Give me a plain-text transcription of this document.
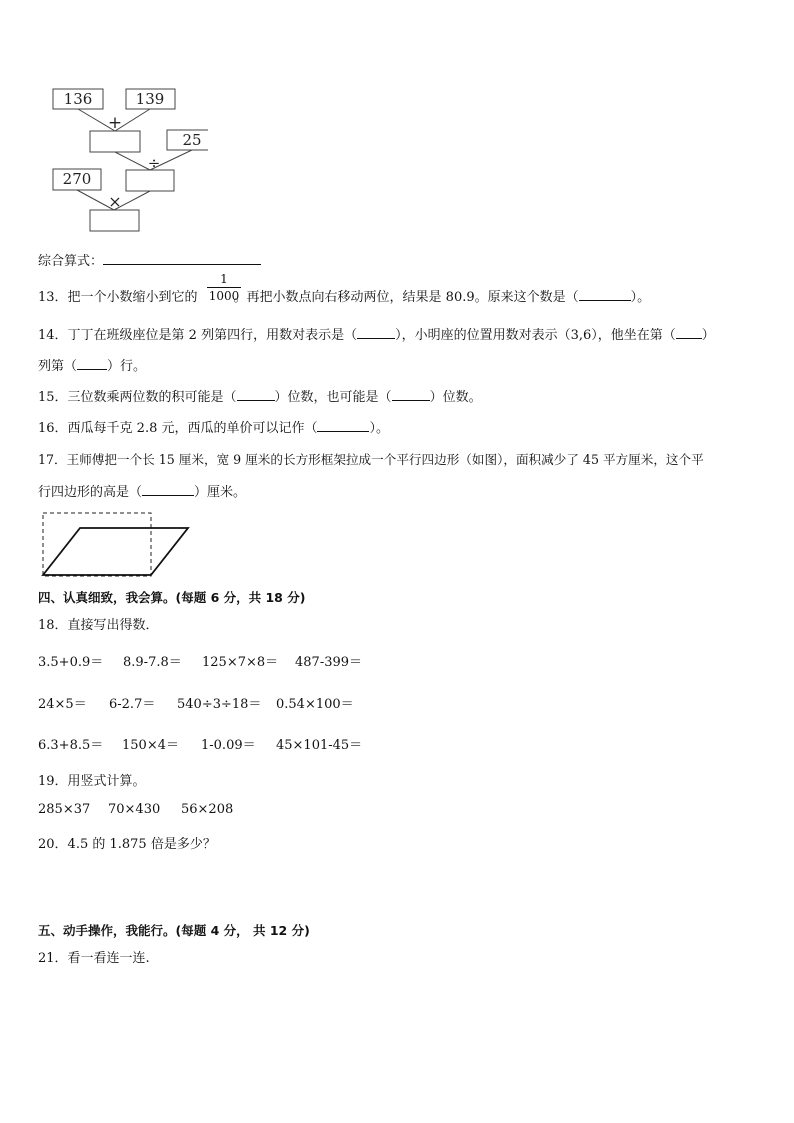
136	139
25
270
+
÷
×
综合算式：
13．把一个小数缩小到它的	。再把小数点向右移动两位，结果是 80.9。原来这个数是（	）。
1
1000
14．丁丁在班级座位是第 2 列第四行，用数对表示是（	），小明座的位置用数对表示（3,6），他坐在第（ ）
列第（ ）行。
15．三位数乘两位数的积可能是（	）位数，也可能是（	）位数。
16．西瓜每千克 2.8 元，西瓜的单价可以记作（	）。
17．王师傅把一个长 15 厘米，宽 9 厘米的长方形框架拉成一个平行四边形（如图），面积减少了 45 平方厘米，这个平
行四边形的高是（	）厘米。
四、认真细致，我会算。(每题 6 分，共 18 分)
18．直接写出得数．
3.5+0.9＝ 8.9-7.8＝ 125×7×8＝ 487-399＝
24×5＝ 6-2.7＝ 540÷3÷18＝ 0.54×100＝
6.3+8.5＝ 150×4＝ 1-0.09＝ 45×101-45＝
19．用竖式计算。
285×37 70×430 56×208
20．4.5 的 1.875 倍是多少？
五、动手操作，我能行。(每题 4 分， 共 12 分)
21．看一看连一连.
